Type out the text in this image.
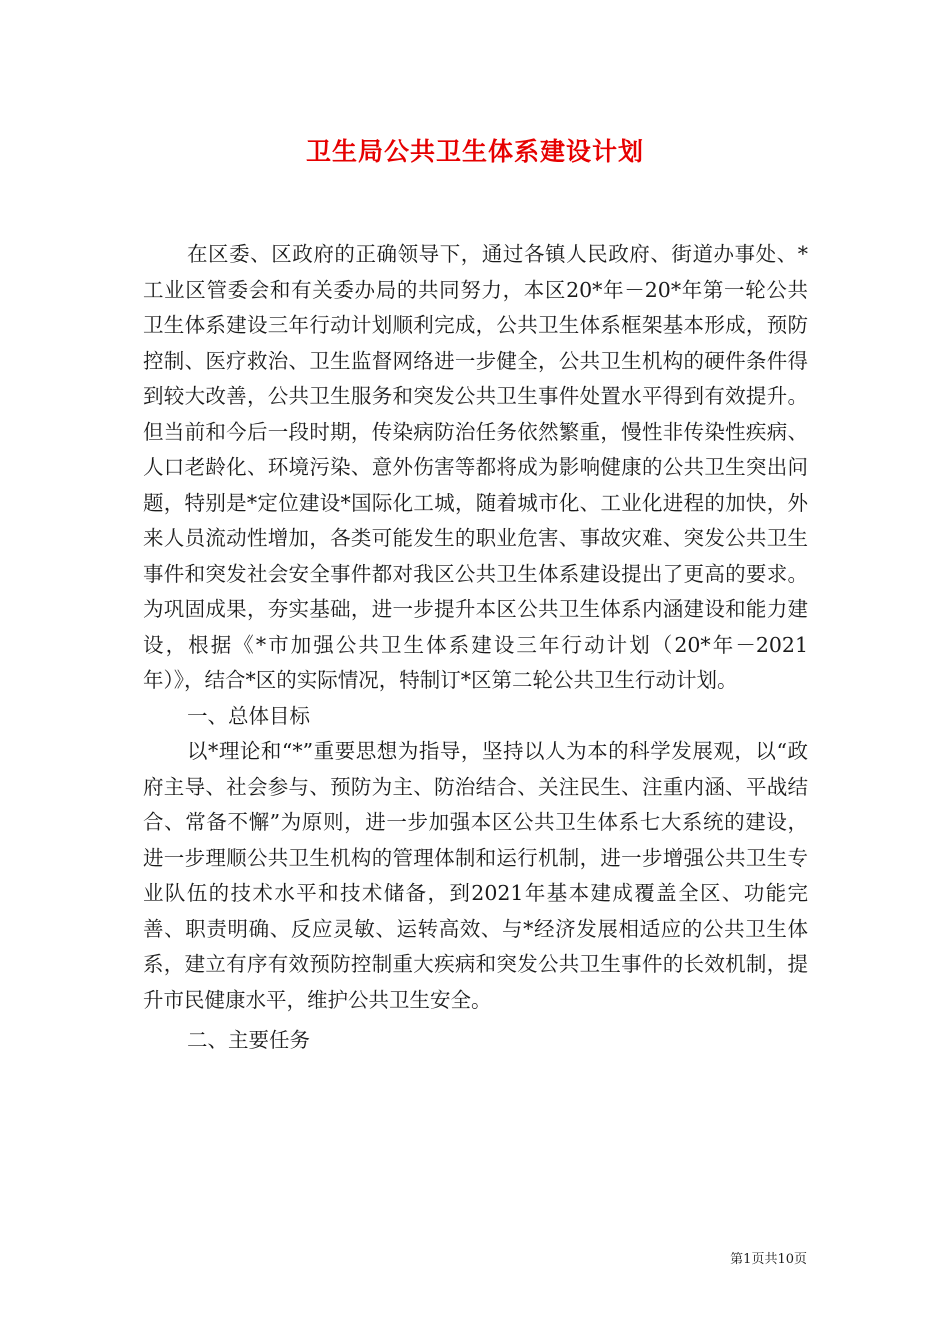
卫生局公共卫生体系建设计划

在区委、区政府的正确领导下，通过各镇人民政府、街道办事处、*工业区管委会和有关委办局的共同努力，本区20*年－20*年第一轮公共卫生体系建设三年行动计划顺利完成，公共卫生体系框架基本形成，预防控制、医疗救治、卫生监督网络进一步健全，公共卫生机构的硬件条件得到较大改善，公共卫生服务和突发公共卫生事件处置水平得到有效提升。但当前和今后一段时期，传染病防治任务依然繁重，慢性非传染性疾病、人口老龄化、环境污染、意外伤害等都将成为影响健康的公共卫生突出问题，特别是*定位建设*国际化工城，随着城市化、工业化进程的加快，外来人员流动性增加，各类可能发生的职业危害、事故灾难、突发公共卫生事件和突发社会安全事件都对我区公共卫生体系建设提出了更高的要求。为巩固成果，夯实基础，进一步提升本区公共卫生体系内涵建设和能力建设，根据《*市加强公共卫生体系建设三年行动计划（20*年－2021年）》，结合*区的实际情况，特制订*区第二轮公共卫生行动计划。

一、总体目标

以*理论和“*”重要思想为指导，坚持以人为本的科学发展观，以“政府主导、社会参与、预防为主、防治结合、关注民生、注重内涵、平战结合、常备不懈”为原则，进一步加强本区公共卫生体系七大系统的建设，进一步理顺公共卫生机构的管理体制和运行机制，进一步增强公共卫生专业队伍的技术水平和技术储备，到2021年基本建成覆盖全区、功能完善、职责明确、反应灵敏、运转高效、与*经济发展相适应的公共卫生体系，建立有序有效预防控制重大疾病和突发公共卫生事件的长效机制，提升市民健康水平，维护公共卫生安全。

二、主要任务

第1页共10页
